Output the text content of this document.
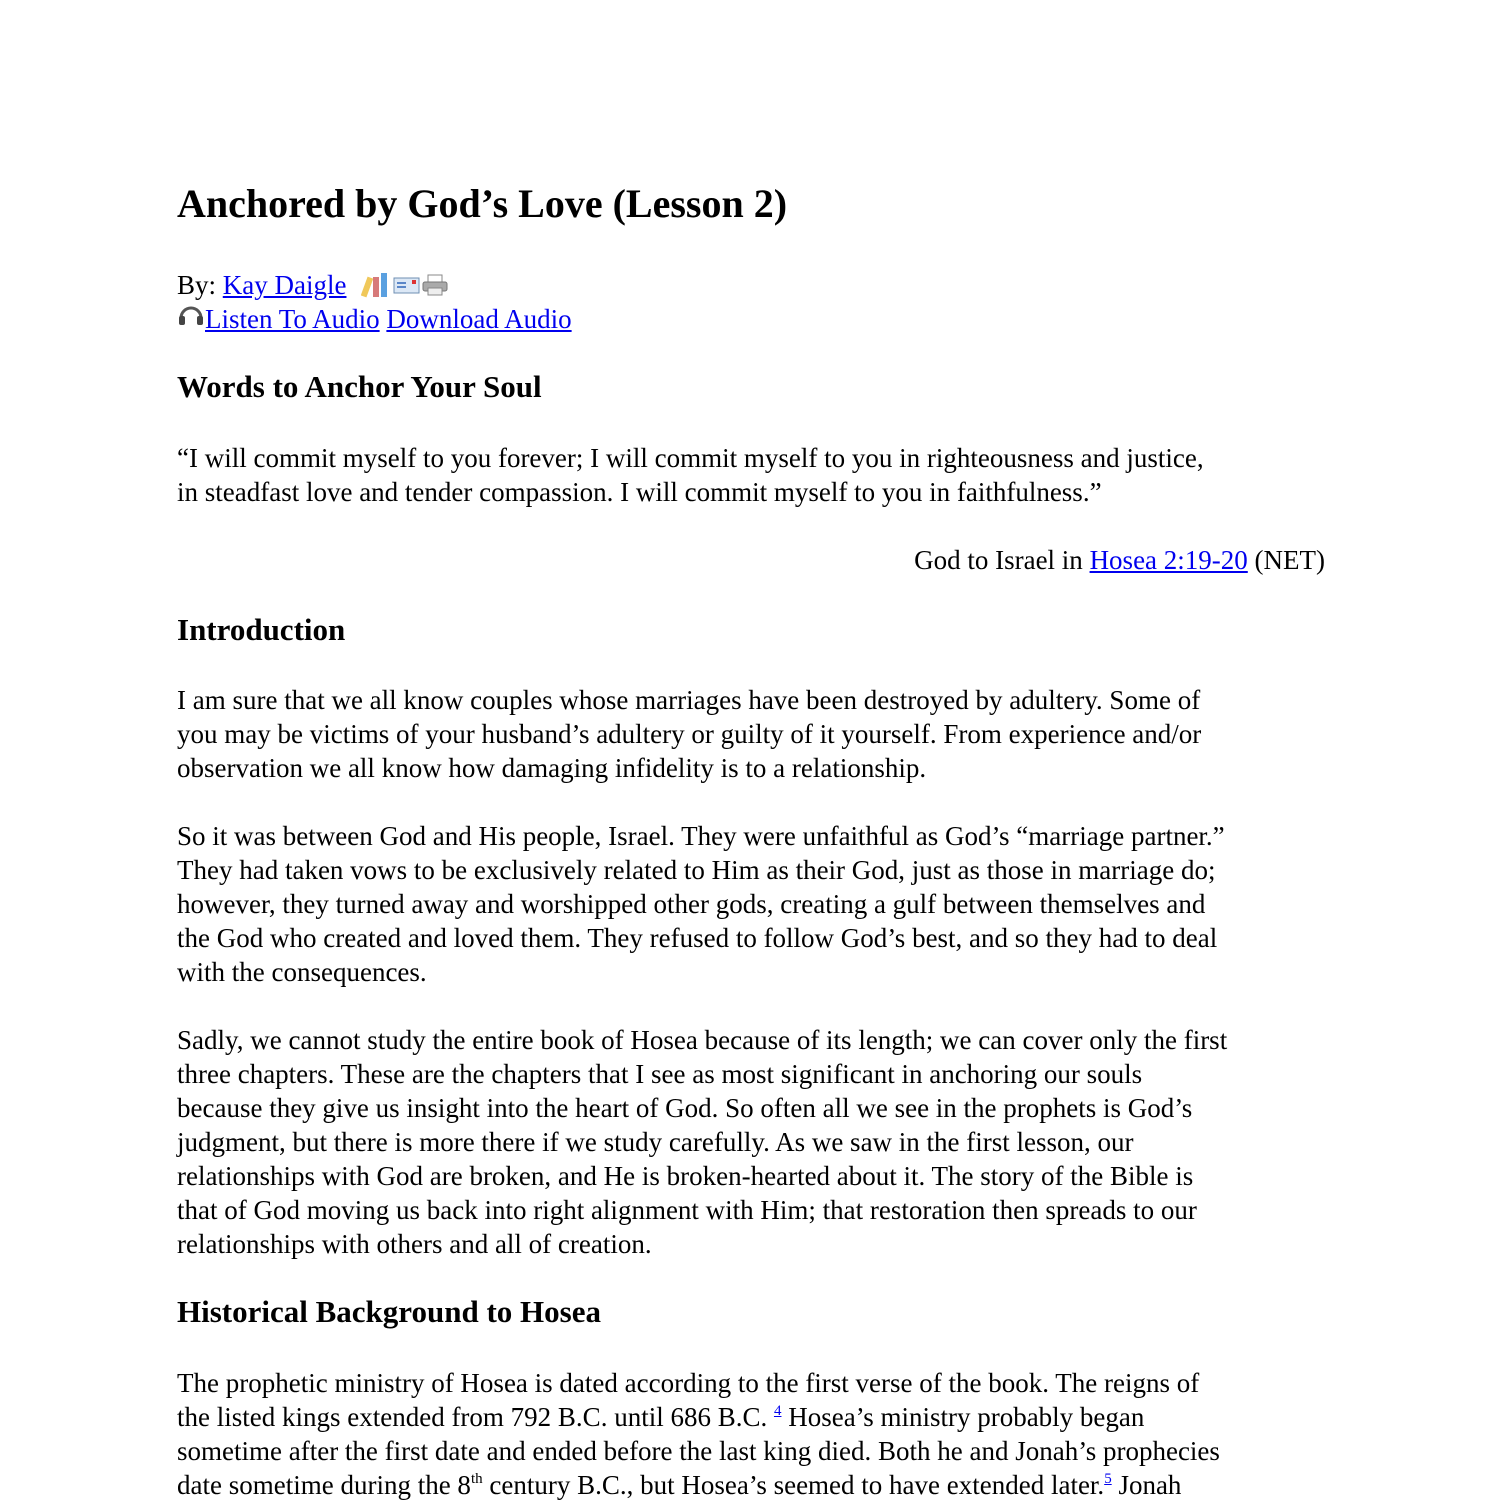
Anchored by God’s Love (Lesson 2)
By: Kay Daigle
Listen To Audio Download Audio
Words to Anchor Your Soul
“I will commit myself to you forever; I will commit myself to you in righteousness and justice,
in steadfast love and tender compassion. I will commit myself to you in faithfulness.”
God to Israel in Hosea 2:19-20 (NET)
Introduction
I am sure that we all know couples whose marriages have been destroyed by adultery. Some of
you may be victims of your husband’s adultery or guilty of it yourself. From experience and/or
observation we all know how damaging infidelity is to a relationship.
So it was between God and His people, Israel. They were unfaithful as God’s “marriage partner.”
They had taken vows to be exclusively related to Him as their God, just as those in marriage do;
however, they turned away and worshipped other gods, creating a gulf between themselves and
the God who created and loved them. They refused to follow God’s best, and so they had to deal
with the consequences.
Sadly, we cannot study the entire book of Hosea because of its length; we can cover only the first
three chapters. These are the chapters that I see as most significant in anchoring our souls
because they give us insight into the heart of God. So often all we see in the prophets is God’s
judgment, but there is more there if we study carefully. As we saw in the first lesson, our
relationships with God are broken, and He is broken-hearted about it. The story of the Bible is
that of God moving us back into right alignment with Him; that restoration then spreads to our
relationships with others and all of creation.
Historical Background to Hosea
The prophetic ministry of Hosea is dated according to the first verse of the book. The reigns of
the listed kings extended from 792 B.C. until 686 B.C. $^4$ Hosea’s ministry probably began
sometime after the first date and ended before the last king died. Both he and Jonah’s prophecies
date sometime during the 8th century B.C., but Hosea’s seemed to have extended later.$^5$ Jonah
